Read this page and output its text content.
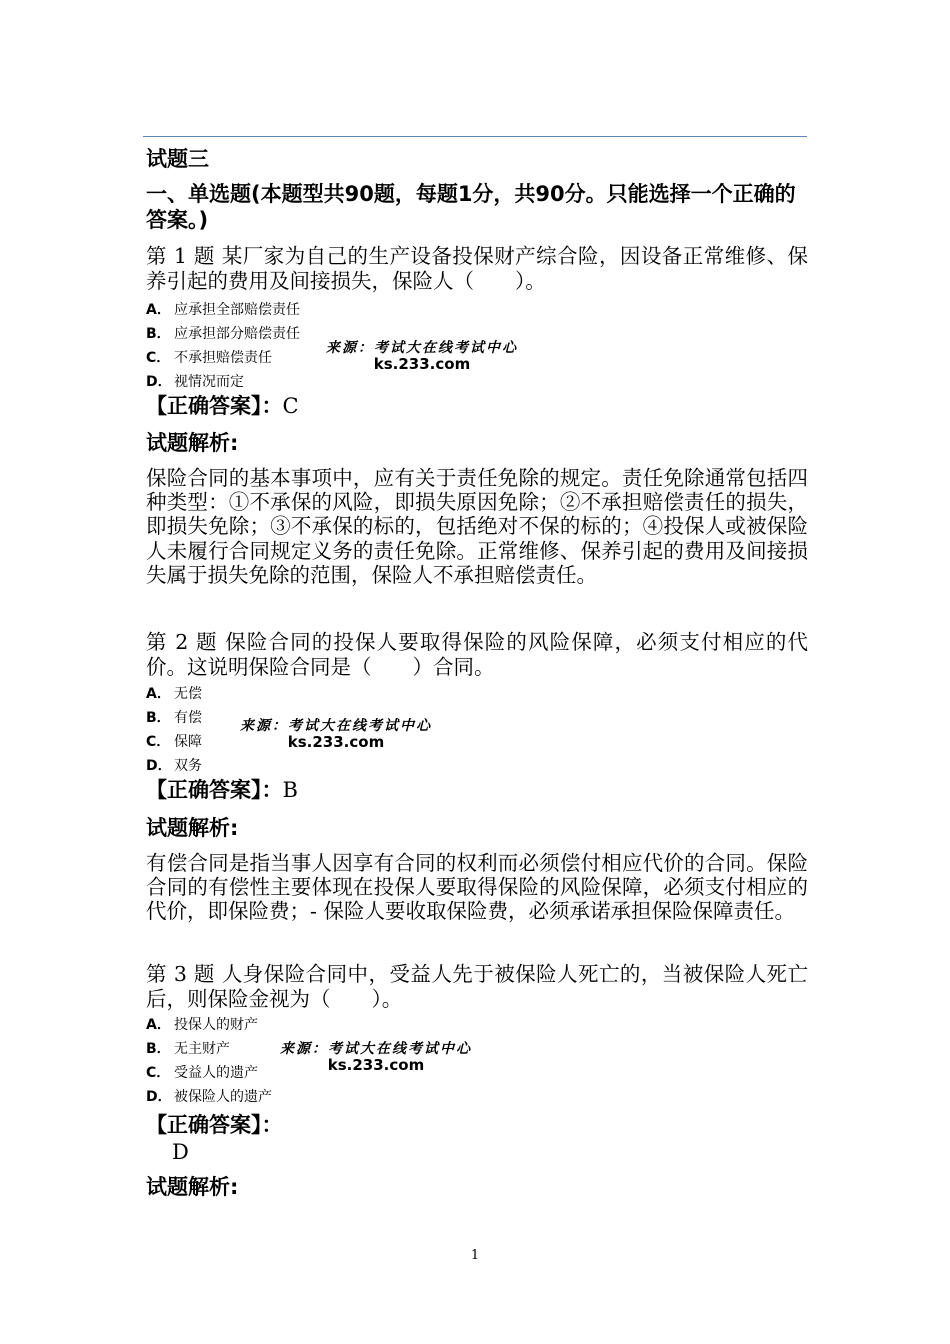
试题三
一、单选题(本题型共90题，每题1分，共90分。只能选择一个正确的答案。)
第 1 题 某厂家为自己的生产设备投保财产综合险，因设备正常维修、保养引起的费用及间接损失，保险人（　　）。
A． 应承担全部赔偿责任
B． 应承担部分赔偿责任
C． 不承担赔偿责任
D． 视情况而定
来源：考试大在线考试中心
ks.233.com
【正确答案】：C
试题解析:
保险合同的基本事项中，应有关于责任免除的规定。责任免除通常包括四种类型：①不承保的风险，即损失原因免除；②不承担赔偿责任的损失，即损失免除；③不承保的标的，包括绝对不保的标的；④投保人或被保险人未履行合同规定义务的责任免除。正常维修、保养引起的费用及间接损失属于损失免除的范围，保险人不承担赔偿责任。
第 2 题 保险合同的投保人要取得保险的风险保障，必须支付相应的代价。这说明保险合同是（　　）合同。
A． 无偿
B． 有偿
C． 保障
D． 双务
来源：考试大在线考试中心
ks.233.com
【正确答案】：B
试题解析:
有偿合同是指当事人因享有合同的权利而必须偿付相应代价的合同。保险合同的有偿性主要体现在投保人要取得保险的风险保障，必须支付相应的代价，即保险费；- 保险人要收取保险费，必须承诺承担保险保障责任。
第 3 题 人身保险合同中，受益人先于被保险人死亡的，当被保险人死亡后，则保险金视为（　　）。
A． 投保人的财产
B． 无主财产
C． 受益人的遗产
D． 被保险人的遗产
来源：考试大在线考试中心
ks.233.com
【正确答案】：
D
试题解析:
1
